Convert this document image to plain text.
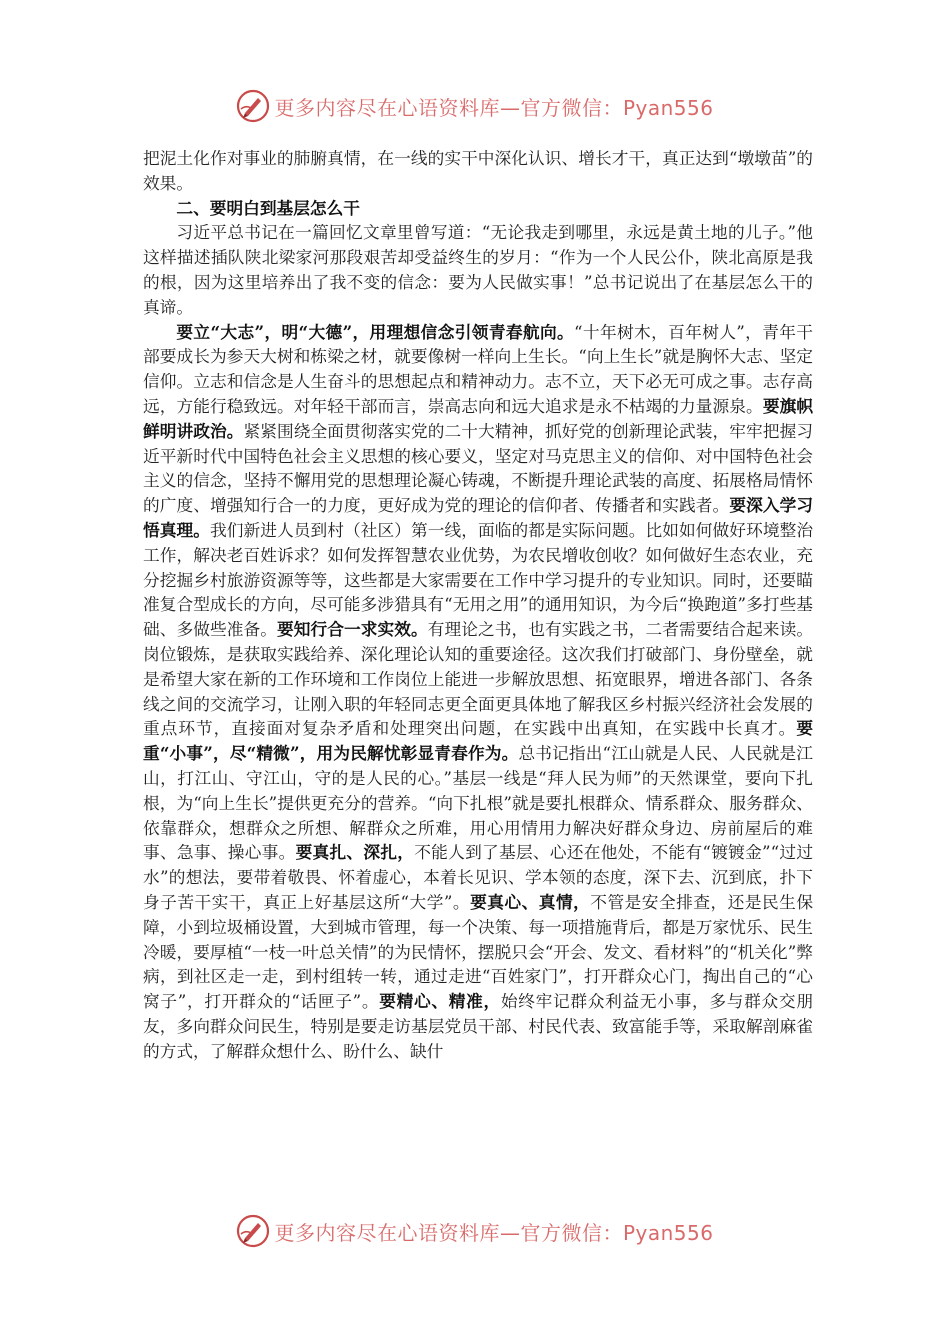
更多内容尽在心语资料库—官方微信：Pyan556

把泥土化作对事业的肺腑真情，在一线的实干中深化认识、增长才干，真正达到“墩墩苗”的效果。

二、要明白到基层怎么干

习近平总书记在一篇回忆文章里曾写道：“无论我走到哪里，永远是黄土地的儿子。”他这样描述插队陕北梁家河那段艰苦却受益终生的岁月：“作为一个人民公仆，陕北高原是我的根，因为这里培养出了我不变的信念：要为人民做实事！”总书记说出了在基层怎么干的真谛。

要立“大志”，明“大德”，用理想信念引领青春航向。“十年树木，百年树人”，青年干部要成长为参天大树和栋梁之材，就要像树一样向上生长。“向上生长”就是胸怀大志、坚定信仰。立志和信念是人生奋斗的思想起点和精神动力。志不立，天下必无可成之事。志存高远，方能行稳致远。对年轻干部而言，崇高志向和远大追求是永不枯竭的力量源泉。要旗帜鲜明讲政治。紧紧围绕全面贯彻落实党的二十大精神，抓好党的创新理论武装，牢牢把握习近平新时代中国特色社会主义思想的核心要义，坚定对马克思主义的信仰、对中国特色社会主义的信念，坚持不懈用党的思想理论凝心铸魂，不断提升理论武装的高度、拓展格局情怀的广度、增强知行合一的力度，更好成为党的理论的信仰者、传播者和实践者。要深入学习悟真理。我们新进人员到村（社区）第一线，面临的都是实际问题。比如如何做好环境整治工作，解决老百姓诉求？如何发挥智慧农业优势，为农民增收创收？如何做好生态农业，充分挖掘乡村旅游资源等等，这些都是大家需要在工作中学习提升的专业知识。同时，还要瞄准复合型成长的方向，尽可能多涉猎具有“无用之用”的通用知识，为今后“换跑道”多打些基础、多做些准备。要知行合一求实效。有理论之书，也有实践之书，二者需要结合起来读。岗位锻炼，是获取实践给养、深化理论认知的重要途径。这次我们打破部门、身份壁垒，就是希望大家在新的工作环境和工作岗位上能进一步解放思想、拓宽眼界，增进各部门、各条线之间的交流学习，让刚入职的年轻同志更全面更具体地了解我区乡村振兴经济社会发展的重点环节，直接面对复杂矛盾和处理突出问题，在实践中出真知，在实践中长真才。要重“小事”，尽“精微”，用为民解忧彰显青春作为。总书记指出“江山就是人民、人民就是江山，打江山、守江山，守的是人民的心。”基层一线是“拜人民为师”的天然课堂，要向下扎根，为“向上生长”提供更充分的营养。“向下扎根”就是要扎根群众、情系群众、服务群众、依靠群众，想群众之所想、解群众之所难，用心用情用力解决好群众身边、房前屋后的难事、急事、操心事。要真扎、深扎，不能人到了基层、心还在他处，不能有“镀镀金”“过过水”的想法，要带着敬畏、怀着虚心，本着长见识、学本领的态度，深下去、沉到底，扑下身子苦干实干，真正上好基层这所“大学”。要真心、真情，不管是安全排查，还是民生保障，小到垃圾桶设置，大到城市管理，每一个决策、每一项措施背后，都是万家忧乐、民生冷暖，要厚植“一枝一叶总关情”的为民情怀，摆脱只会“开会、发文、看材料”的“机关化”弊病，到社区走一走，到村组转一转，通过走进“百姓家门”，打开群众心门，掏出自己的“心窝子”，打开群众的“话匣子”。要精心、精准，始终牢记群众利益无小事，多与群众交朋友，多向群众问民生，特别是要走访基层党员干部、村民代表、致富能手等，采取解剖麻雀的方式，了解群众想什么、盼什么、缺什

更多内容尽在心语资料库—官方微信：Pyan556
